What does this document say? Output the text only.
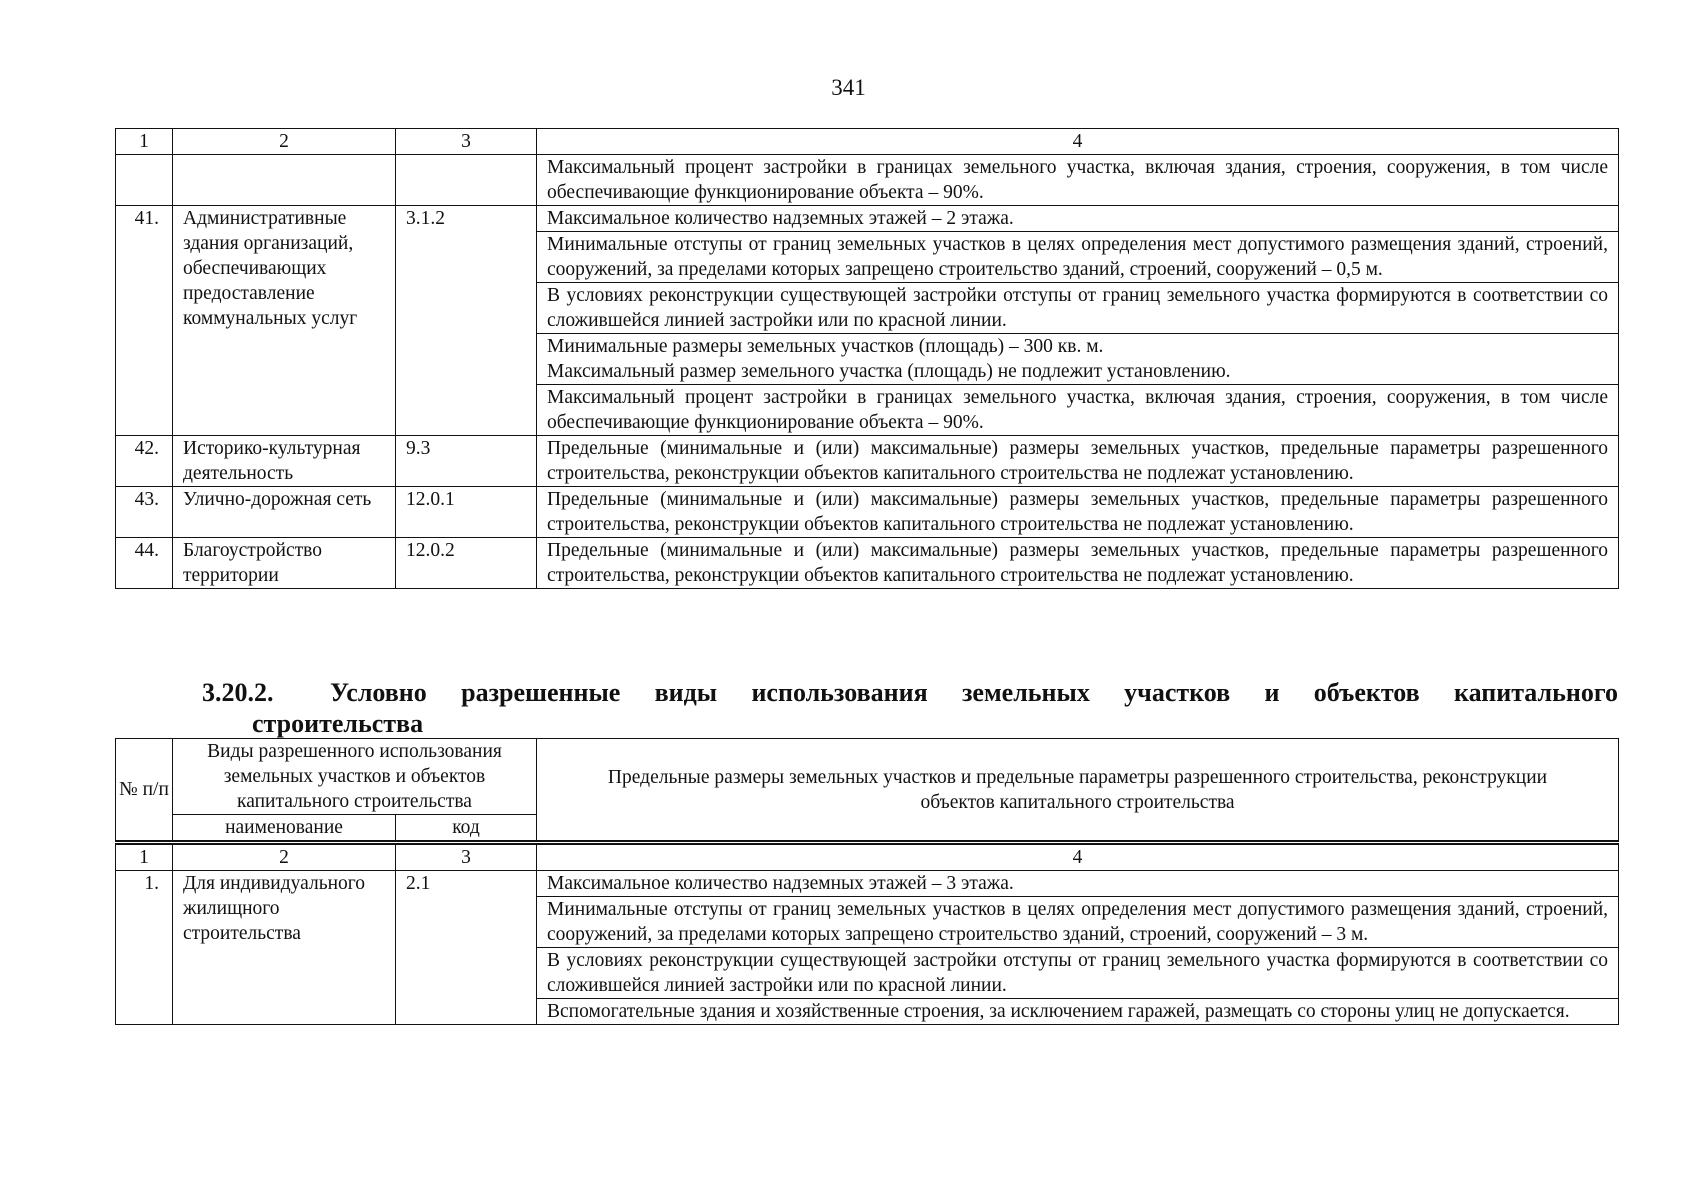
341
1	2	3	4
			Максимальный процент застройки в границах земельного участка, включая здания, строения, сооружения, в том числе обеспечивающие функционирование объекта – 90%.
41.	Административные здания организаций, обеспечивающих предоставление коммунальных услуг	3.1.2	Максимальное количество надземных этажей – 2 этажа.
			Минимальные отступы от границ земельных участков в целях определения мест допустимого размещения зданий, строений, сооружений, за пределами которых запрещено строительство зданий, строений, сооружений – 0,5 м.
			В условиях реконструкции существующей застройки отступы от границ земельного участка формируются в соответствии со сложившейся линией застройки или по красной линии.

			Минимальные размеры земельных участков (площадь) – 300 кв. м.
Максимальный размер земельного участка (площадь) не подлежит установлению.

			Максимальный процент застройки в границах земельного участка, включая здания, строения, сооружения, в том числе обеспечивающие функционирование объекта – 90%.
42.	Историко-культурная деятельность	9.3	Предельные (минимальные и (или) максимальные) размеры земельных участков, предельные параметры разрешенного строительства, реконструкции объектов капитального строительства не подлежат установлению.
43.	Улично-дорожная сеть	12.0.1	Предельные (минимальные и (или) максимальные) размеры земельных участков, предельные параметры разрешенного строительства, реконструкции объектов капитального строительства не подлежат установлению.
44.	Благоустройство территории	12.0.2	Предельные (минимальные и (или) максимальные) размеры земельных участков, предельные параметры разрешенного строительства, реконструкции объектов капитального строительства не подлежат установлению.
3.20.2. Условно разрешенные виды использования земельных участков и объектов капитального
строительства
№ п/п	Виды разрешенного использования земельных участков и объектов капитального строительства		Предельные размеры земельных участков и предельные параметры разрешенного строительства, реконструкции объектов капитального строительства
	наименование	код	
1	2	3	4
1.	Для индивидуального жилищного строительства	2.1	Максимальное количество надземных этажей – 3 этажа.
			Минимальные отступы от границ земельных участков в целях определения мест допустимого размещения зданий, строений, сооружений, за пределами которых запрещено строительство зданий, строений, сооружений – 3 м.
			В условиях реконструкции существующей застройки отступы от границ земельного участка формируются в соответствии со сложившейся линией застройки или по красной линии.
			Вспомогательные здания и хозяйственные строения, за исключением гаражей, размещать со стороны улиц не допускается.
